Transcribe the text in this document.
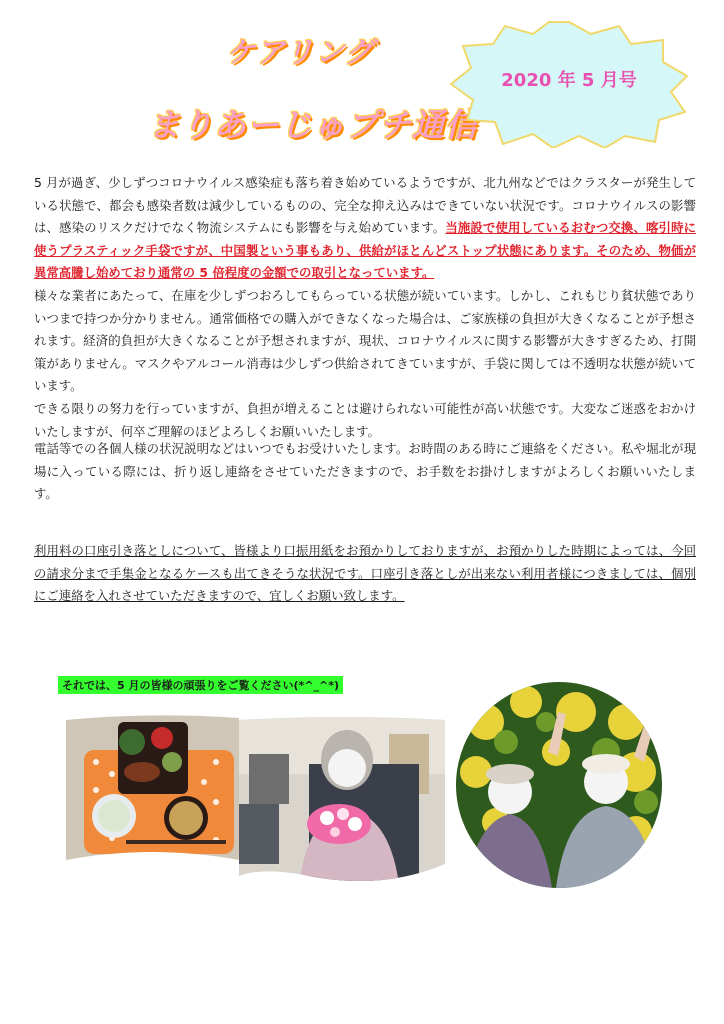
ケアリング
まりあーじゅプチ通信
2020 年 5 月号
5 月が過ぎ、少しずつコロナウイルス感染症も落ち着き始めているようですが、北九州などではクラスターが発生している状態で、都会も感染者数は減少しているものの、完全な抑え込みはできていない状況です。コロナウイルスの影響は、感染のリスクだけでなく物流システムにも影響を与え始めています。当施設で使用しているおむつ交換、喀引時に使うプラスティック手袋ですが、中国製という事もあり、供給がほとんどストップ状態にあります。そのため、物価が異常高騰し始めており通常の 5 倍程度の金額での取引となっています。
様々な業者にあたって、在庫を少しずつおろしてもらっている状態が続いています。しかし、これもじり貧状態でありいつまで持つか分かりません。通常価格での購入ができなくなった場合は、ご家族様の負担が大きくなることが予想されます。経済的負担が大きくなることが予想されますが、現状、コロナウイルスに関する影響が大きすぎるため、打開策がありません。マスクやアルコール消毒は少しずつ供給されてきていますが、手袋に関しては不透明な状態が続いています。
できる限りの努力を行っていますが、負担が増えることは避けられない可能性が高い状態です。大変なご迷惑をおかけいたしますが、何卒ご理解のほどよろしくお願いいたします。
電話等での各個人様の状況説明などはいつでもお受けいたします。お時間のある時にご連絡をください。私や堀北が現場に入っている際には、折り返し連絡をさせていただきますので、お手数をお掛けしますがよろしくお願いいたします。
利用料の口座引き落としについて、皆様より口振用紙をお預かりしておりますが、お預かりした時期によっては、今回の請求分まで手集金となるケースも出てきそうな状況です。口座引き落としが出来ない利用者様につきましては、個別にご連絡を入れさせていただきますので、宜しくお願い致します。
それでは、5 月の皆様の頑張りをご覧ください(*^_^*)
